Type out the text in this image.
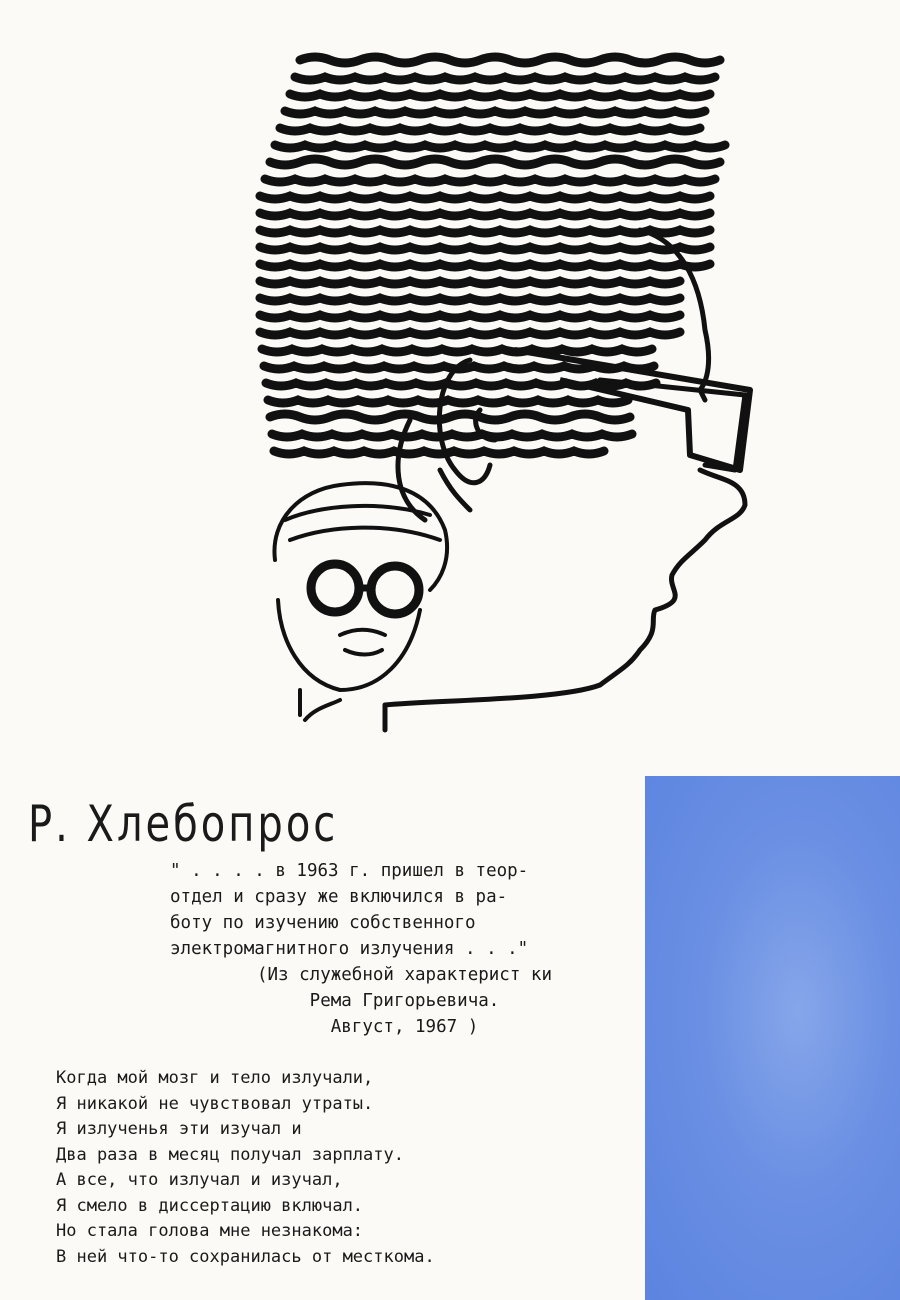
Р. Хлебопрос
" . . . . в 1963 г. пришел в теор-
отдел и сразу же включился в ра-
боту по изучению собственного
электромагнитного излучения . . ."
(Из служебной характерист ки
Рема Григорьевича.
Август, 1967 )
Когда мой мозг и тело излучали,
Я никакой не чувствовал утраты.
Я излученья эти изучал и
Два раза в месяц получал зарплату.
А все, что излучал и изучал,
Я смело в диссертацию включал.
Но стала голова мне незнакома:
В ней что-то сохранилась от месткома.
